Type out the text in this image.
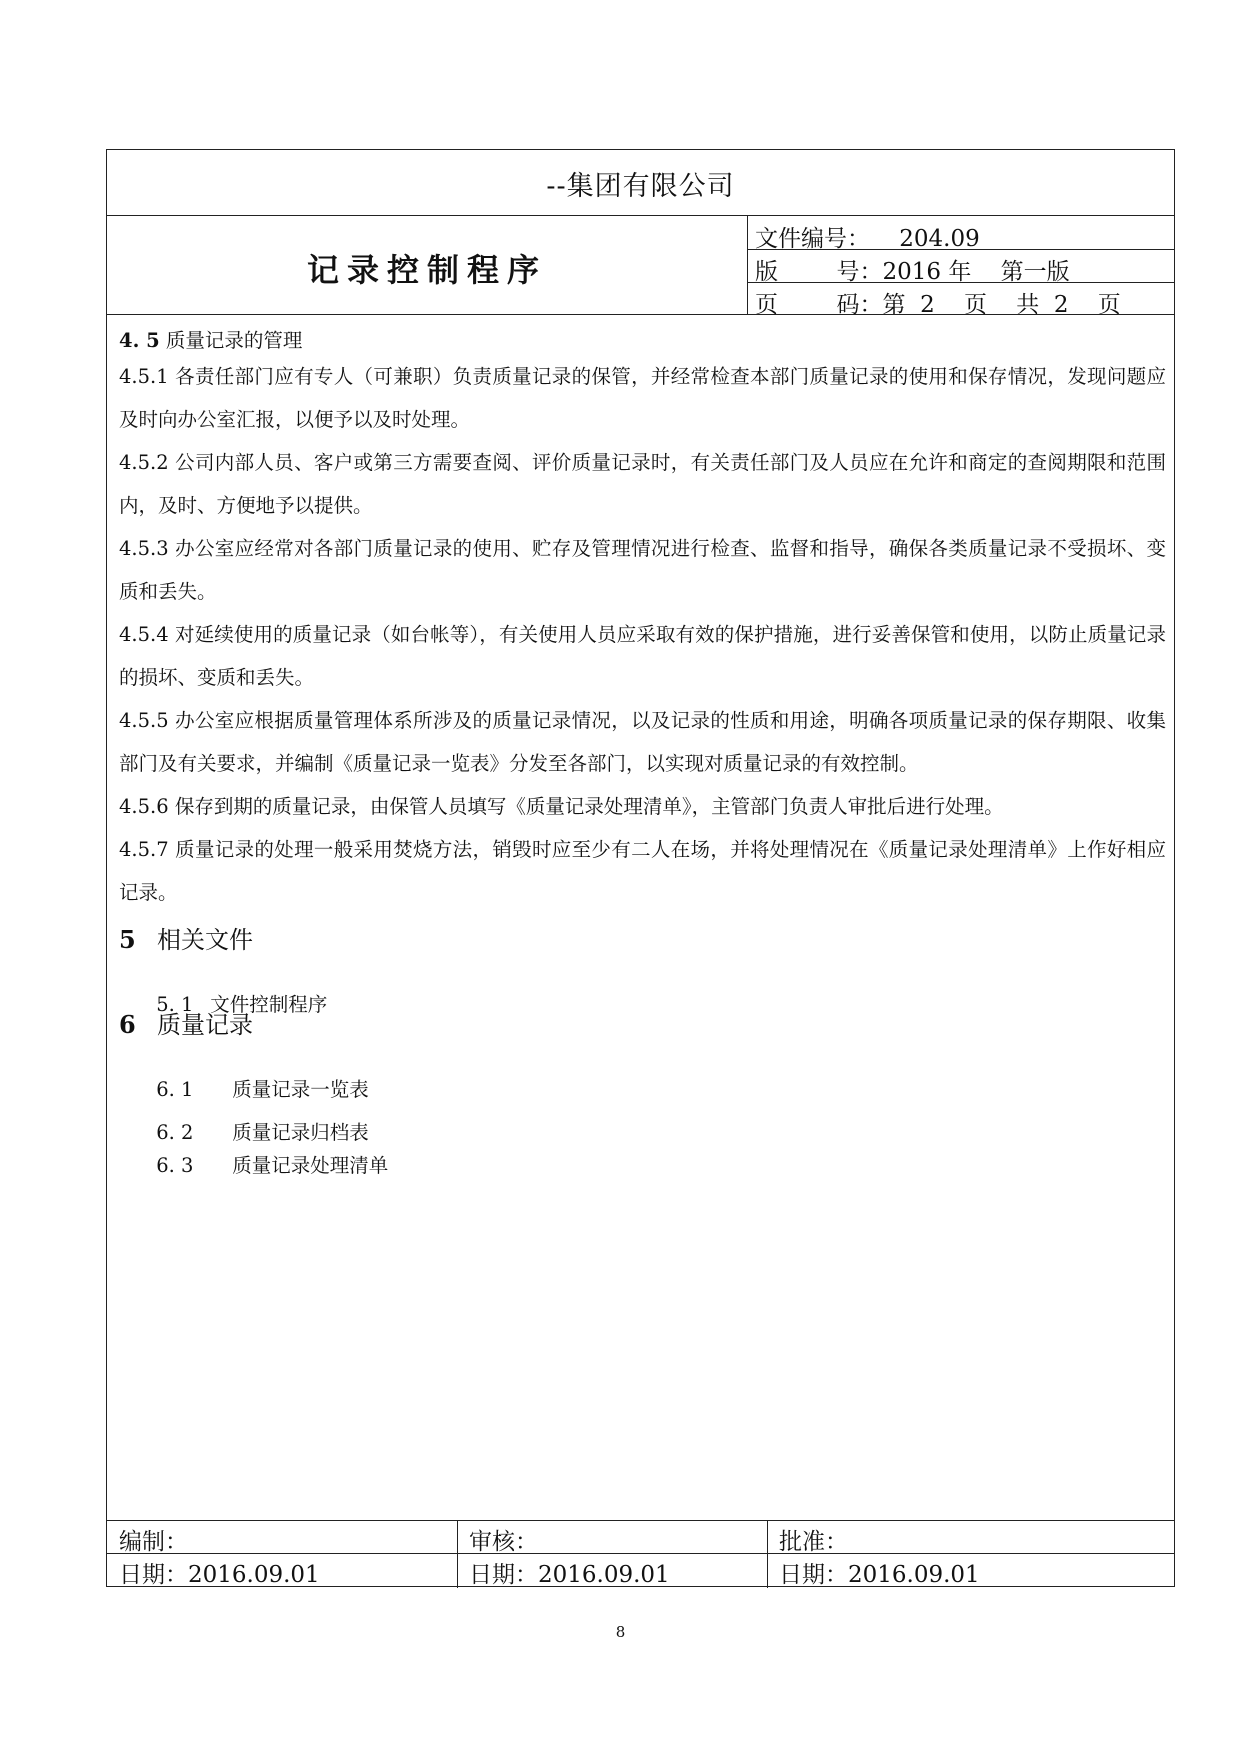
--集团有限公司
记录控制程序
文件编号：    204.09
版        号：2016 年    第一版
页        码：第  2    页    共  2    页
4. 5 质量记录的管理
4.5.1 各责任部门应有专人（可兼职）负责质量记录的保管，并经常检查本部门质量记录的使用和保存情况，发现问题应及时向办公室汇报，以便予以及时处理。
4.5.2 公司内部人员、客户或第三方需要查阅、评价质量记录时，有关责任部门及人员应在允许和商定的查阅期限和范围内，及时、方便地予以提供。
4.5.3 办公室应经常对各部门质量记录的使用、贮存及管理情况进行检查、监督和指导，确保各类质量记录不受损坏、变质和丢失。
4.5.4 对延续使用的质量记录（如台帐等），有关使用人员应采取有效的保护措施，进行妥善保管和使用，以防止质量记录的损坏、变质和丢失。
4.5.5 办公室应根据质量管理体系所涉及的质量记录情况，以及记录的性质和用途，明确各项质量记录的保存期限、收集部门及有关要求，并编制《质量记录一览表》分发至各部门，以实现对质量记录的有效控制。
4.5.6 保存到期的质量记录，由保管人员填写《质量记录处理清单》，主管部门负责人审批后进行处理。
4.5.7 质量记录的处理一般采用焚烧方法，销毁时应至少有二人在场，并将处理情况在《质量记录处理清单》上作好相应记录。
5 相关文件

5. 1 文件控制程序

6 质量记录

6. 1 质量记录一览表

6. 2 质量记录归档表

6. 3 质量记录处理清单

编制：	审核：	批准：
日期：2016.09.01	日期：2016.09.01	日期：2016.09.01
8
